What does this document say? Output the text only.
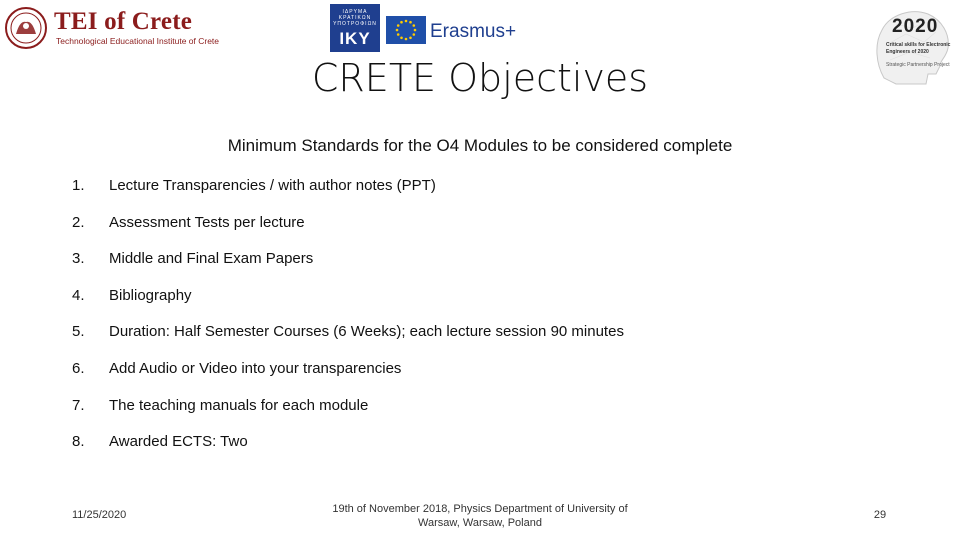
TEI of Crete
Technological Educational Institute of Crete
ΙΔΡΥΜΑ
ΚΡΑΤΙΚΩΝ
ΥΠΟΤΡΟΦΙΩΝ
IKY	Erasmus+	2020
Critical skills for Electronic
Engineers of 2020
Strategic Partnership Project
CRETE Objectives
Minimum Standards for the O4 Modules to be considered complete
1. Lecture Transparencies / with author notes (PPT)
2. Assessment Tests per lecture
3. Middle and Final Exam Papers
4. Bibliography
5. Duration: Half Semester Courses (6 Weeks); each lecture session 90 minutes
6. Add Audio or Video into your transparencies
7. The teaching manuals for each module
8. Awarded ECTS: Two
11/25/2020	19th of November 2018, Physics Department of University of Warsaw, Warsaw, Poland
29
